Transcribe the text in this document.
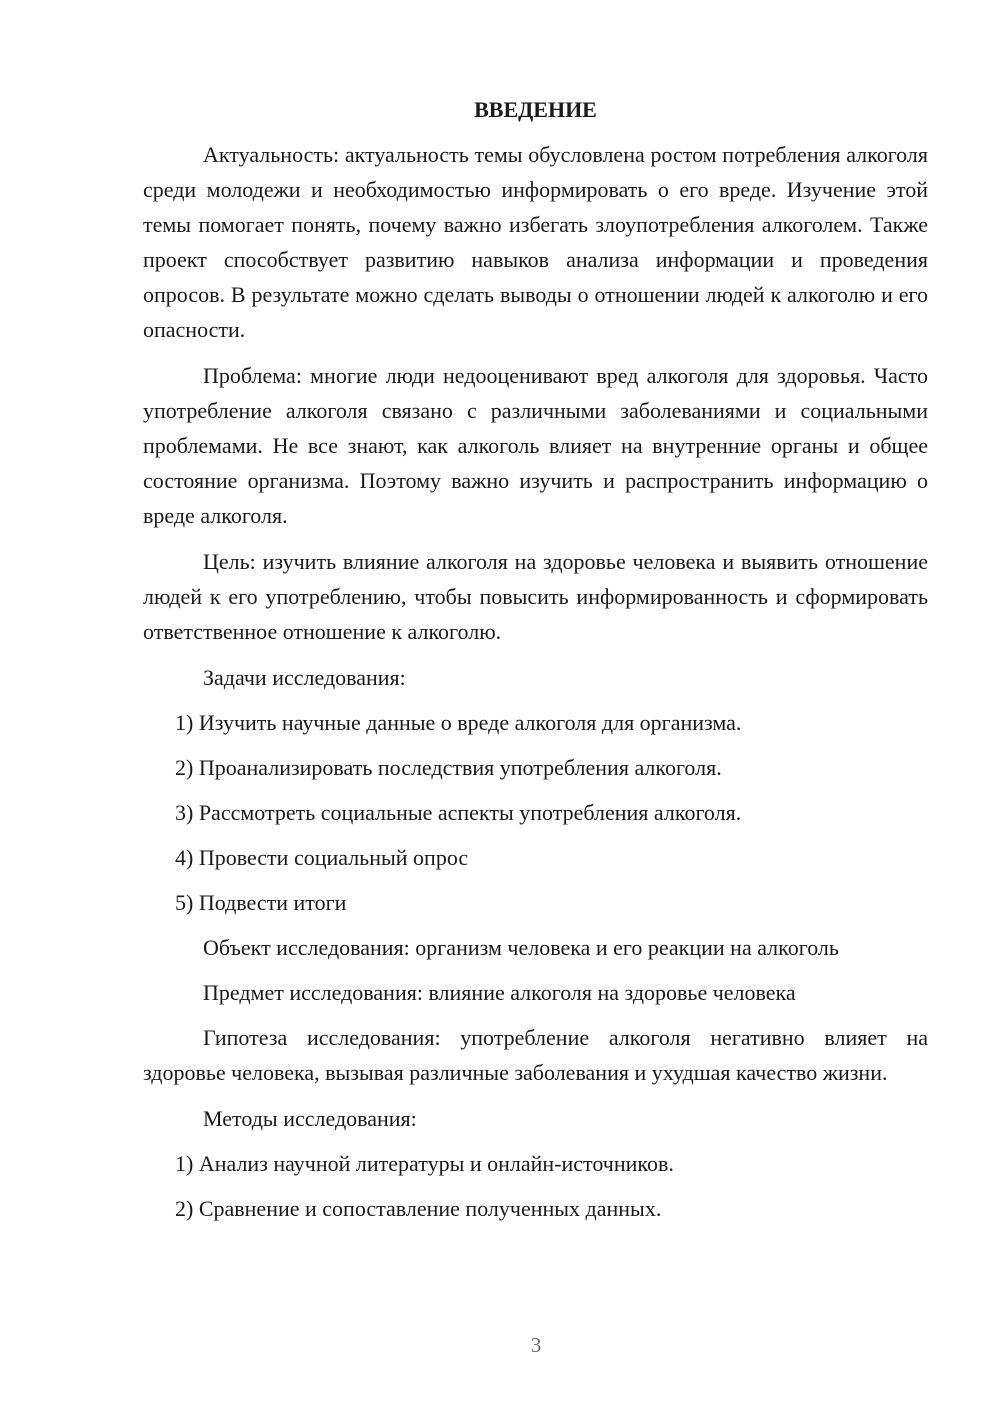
ВВЕДЕНИЕ

Актуальность: актуальность темы обусловлена ростом потребления алкоголя среди молодежи и необходимостью информировать о его вреде. Изучение этой темы помогает понять, почему важно избегать злоупотребления алкоголем. Также проект способствует развитию навыков анализа информации и проведения опросов. В результате можно сделать выводы о отношении людей к алкоголю и его опасности.

Проблема: многие люди недооценивают вред алкоголя для здоровья. Часто употребление алкоголя связано с различными заболеваниями и социальными проблемами. Не все знают, как алкоголь влияет на внутренние органы и общее состояние организма. Поэтому важно изучить и распространить информацию о вреде алкоголя.

Цель: изучить влияние алкоголя на здоровье человека и выявить отношение людей к его употреблению, чтобы повысить информированность и сформировать ответственное отношение к алкоголю.

Задачи исследования:
1) Изучить научные данные о вреде алкоголя для организма.
2) Проанализировать последствия употребления алкоголя.
3) Рассмотреть социальные аспекты употребления алкоголя.
4) Провести социальный опрос
5) Подвести итоги
Объект исследования: организм человека и его реакции на алкоголь
Предмет исследования: влияние алкоголя на здоровье человека

Гипотеза исследования: употребление алкоголя негативно влияет на здоровье человека, вызывая различные заболевания и ухудшая качество жизни.

Методы исследования:
1) Анализ научной литературы и онлайн-источников.
2) Сравнение и сопоставление полученных данных.
3
